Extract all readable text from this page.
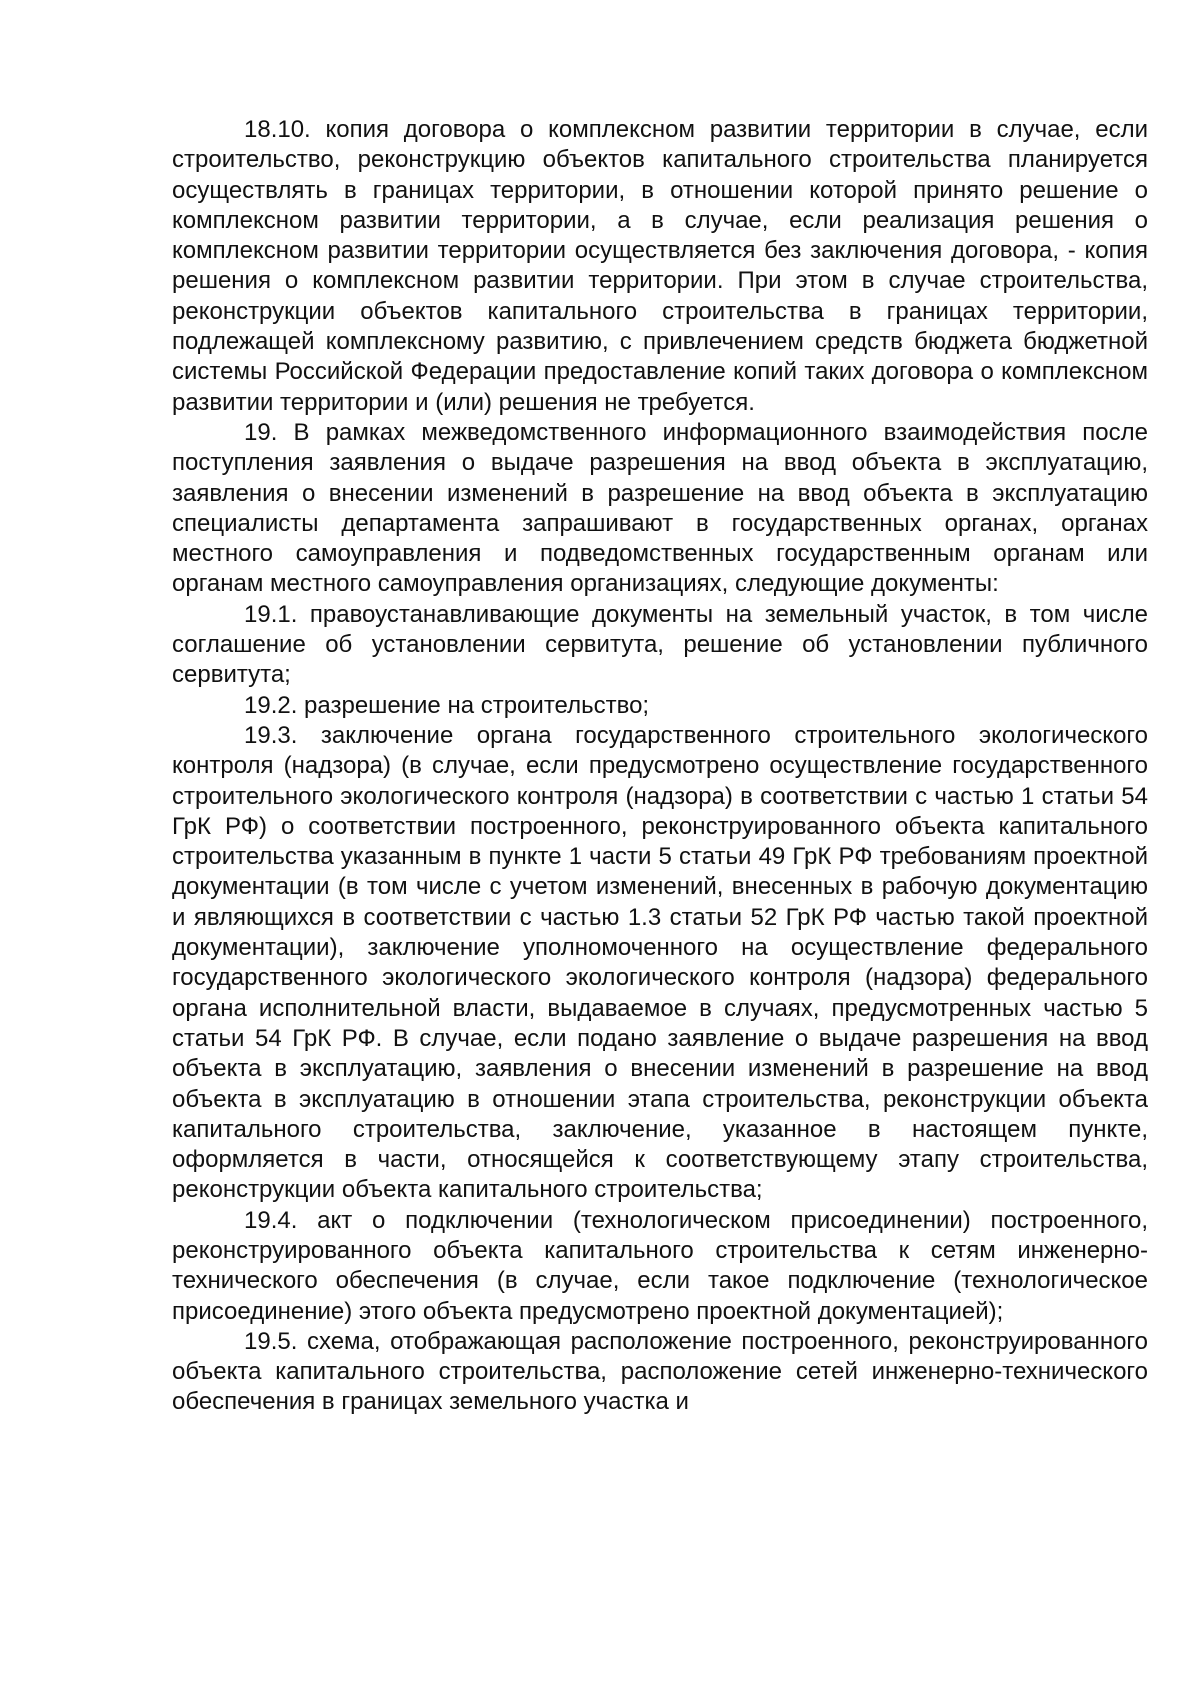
18.10. копия договора о комплексном развитии территории в случае, если строительство, реконструкцию объектов капитального строительства планируется осуществлять в границах территории, в отношении которой принято решение о комплексном развитии территории, а в случае, если реализация решения о комплексном развитии территории осуществляется без заключения договора, - копия решения о комплексном развитии территории. При этом в случае строительства, реконструкции объектов капитального строительства в границах территории, подлежащей комплексному развитию, с привлечением средств бюджета бюджетной системы Российской Федерации предоставление копий таких договора о комплексном развитии территории и (или) решения не требуется.

19. В рамках межведомственного информационного взаимодействия после поступления заявления о выдаче разрешения на ввод объекта в эксплуатацию, заявления о внесении изменений в разрешение на ввод объекта в эксплуатацию специалисты департамента запрашивают в государственных органах, органах местного самоуправления и подведомственных государственным органам или органам местного самоуправления организациях, следующие документы:

19.1. правоустанавливающие документы на земельный участок, в том числе соглашение об установлении сервитута, решение об установлении публичного сервитута;

19.2. разрешение на строительство;

19.3. заключение органа государственного строительного экологического контроля (надзора) (в случае, если предусмотрено осуществление государственного строительного экологического контроля (надзора) в соответствии с частью 1 статьи 54 ГрК РФ) о соответствии построенного, реконструированного объекта капитального строительства указанным в пункте 1 части 5 статьи 49 ГрК РФ требованиям проектной документации (в том числе с учетом изменений, внесенных в рабочую документацию и являющихся в соответствии с частью 1.3 статьи 52 ГрК РФ частью такой проектной документации), заключение уполномоченного на осуществление федерального государственного экологического экологического контроля (надзора) федерального органа исполнительной власти, выдаваемое в случаях, предусмотренных частью 5 статьи 54 ГрК РФ. В случае, если подано заявление о выдаче разрешения на ввод объекта в эксплуатацию, заявления о внесении изменений в разрешение на ввод объекта в эксплуатацию в отношении этапа строительства, реконструкции объекта капитального строительства, заключение, указанное в настоящем пункте, оформляется в части, относящейся к соответствующему этапу строительства, реконструкции объекта капитального строительства;

19.4. акт о подключении (технологическом присоединении) построенного, реконструированного объекта капитального строительства к сетям инженерно-технического обеспечения (в случае, если такое подключение (технологическое присоединение) этого объекта предусмотрено проектной документацией);

19.5. схема, отображающая расположение построенного, реконструированного объекта капитального строительства, расположение сетей инженерно-технического обеспечения в границах земельного участка и
